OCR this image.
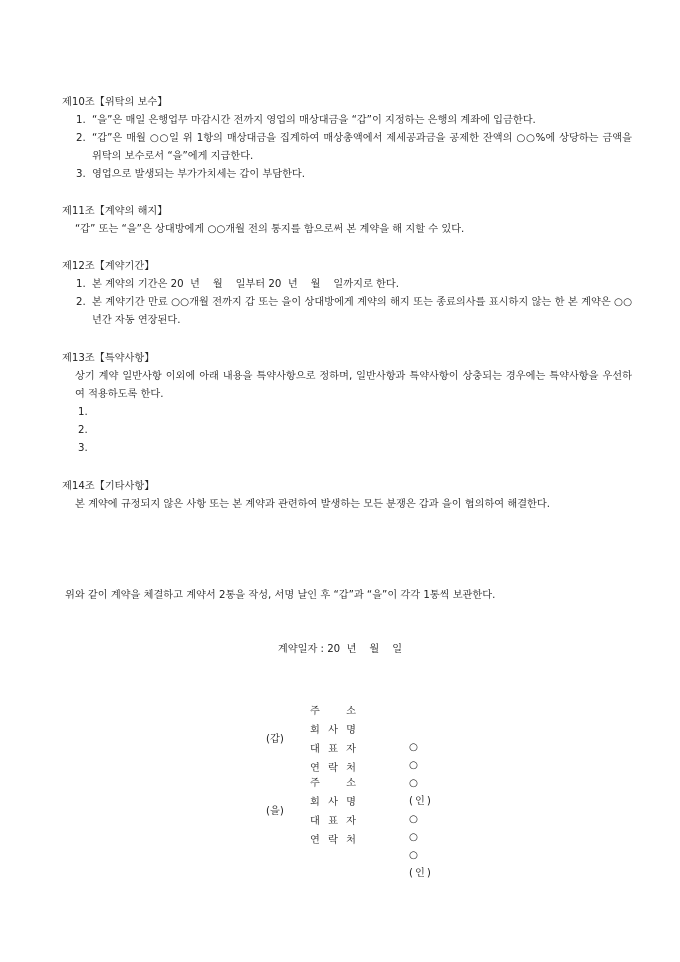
제10조【위탁의 보수】
1. “을”은 매일 은행업무 마감시간 전까지 영업의 매상대금을 “갑”이 지정하는 은행의 계좌에 입금한다.
2. “갑”은 매월 ○○일 위 1항의 매상대금을 집계하여 매상총액에서 제세공과금을 공제한 잔액의 ○○%에 상당하는 금액을 위탁의 보수로서 “을”에게 지급한다.
3. 영업으로 발생되는 부가가치세는 갑이 부담한다.
제11조【계약의 해지】
“갑” 또는 “을”은 상대방에게 ○○개월 전의 통지를 함으로써 본 계약을 해 지할 수 있다.
제12조【계약기간】
1. 본 계약의 기간은 20  년    월    일부터 20  년    월    일까지로 한다.
2. 본 계약기간 만료 ○○개월 전까지 갑 또는 을이 상대방에게 계약의 해지 또는 종료의사를 표시하지 않는 한 본 계약은 ○○년간 자동 연장된다.
제13조【특약사항】
상기 계약 일반사항 이외에 아래 내용을 특약사항으로 정하며, 일반사항과 특약사항이 상충되는 경우에는 특약사항을 우선하여 적용하도록 한다.
1.
2.
3.
제14조【기타사항】
본 계약에 규정되지 않은 사항 또는 본 계약과 관련하여 발생하는 모든 분쟁은 갑과 을이 협의하여 해결한다.
위와 같이 계약을 체결하고 계약서 2통을 작성, 서명 날인 후 “갑”과 “을”이 각각 1통씩 보관한다.
계약일자 : 20  년    월    일
(갑)
주 소
회 사 명
대 표 자
연 락 처
○ ○ ○ (인)
(을)
주 소
회 사 명
대 표 자
연 락 처
○ ○ ○ (인)
